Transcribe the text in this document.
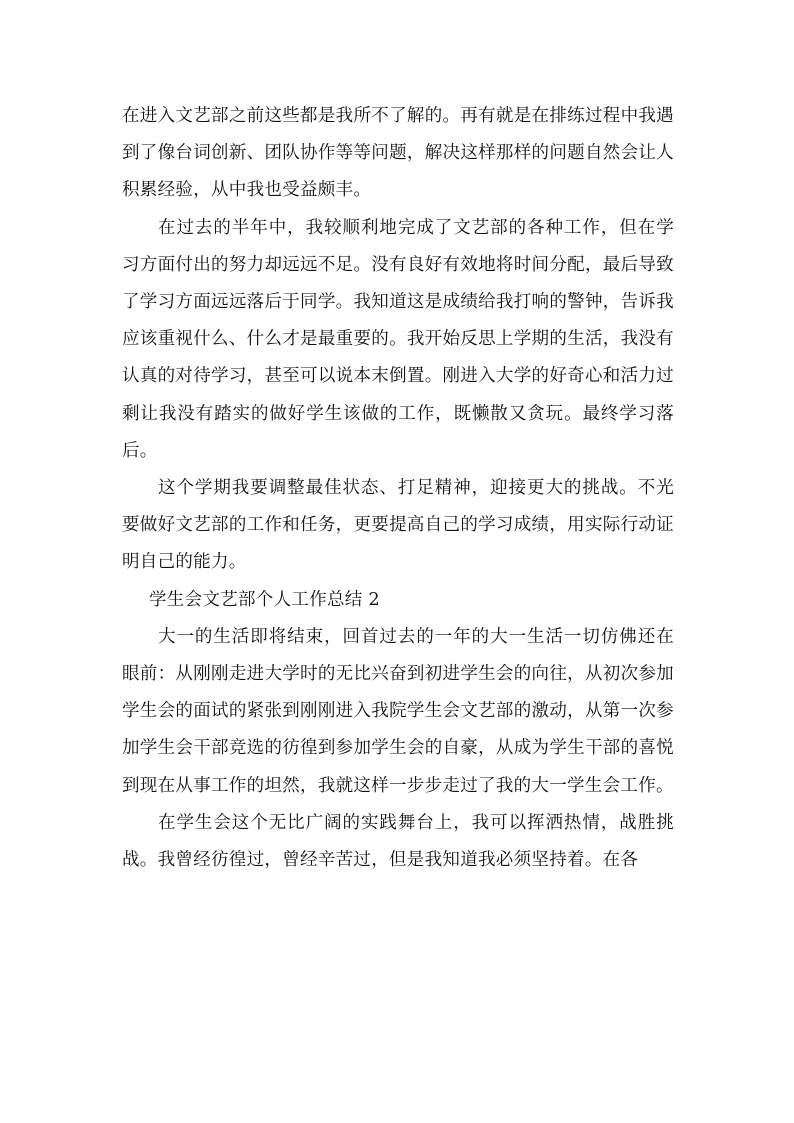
在进入文艺部之前这些都是我所不了解的。再有就是在排练过程中我遇到了像台词创新、团队协作等等问题，解决这样那样的问题自然会让人积累经验，从中我也受益颇丰。

在过去的半年中，我较顺利地完成了文艺部的各种工作，但在学习方面付出的努力却远远不足。没有良好有效地将时间分配，最后导致了学习方面远远落后于同学。我知道这是成绩给我打响的警钟，告诉我应该重视什么、什么才是最重要的。我开始反思上学期的生活，我没有认真的对待学习，甚至可以说本末倒置。刚进入大学的好奇心和活力过剩让我没有踏实的做好学生该做的工作，既懒散又贪玩。最终学习落后。

这个学期我要调整最佳状态、打足精神，迎接更大的挑战。不光要做好文艺部的工作和任务，更要提高自己的学习成绩，用实际行动证明自己的能力。

学生会文艺部个人工作总结 2

大一的生活即将结束，回首过去的一年的大一生活一切仿佛还在眼前：从刚刚走进大学时的无比兴奋到初进学生会的向往，从初次参加学生会的面试的紧张到刚刚进入我院学生会文艺部的激动，从第一次参加学生会干部竞选的彷徨到参加学生会的自豪，从成为学生干部的喜悦到现在从事工作的坦然，我就这样一步步走过了我的大一学生会工作。

在学生会这个无比广阔的实践舞台上，我可以挥洒热情，战胜挑战。我曾经彷徨过，曾经辛苦过，但是我知道我必须坚持着。在各
